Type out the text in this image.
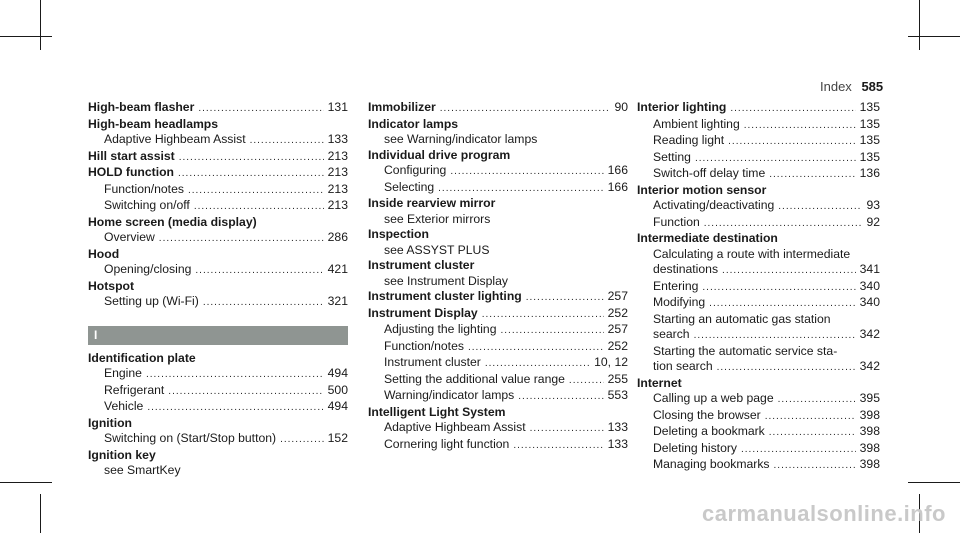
Index 585
High-beam flasher .....	131
High-beam headlamps
Adaptive Highbeam Assist .....	133
Hill start assist .....	213
HOLD function .....	213
Function/notes .....	213
Switching on/off .....	213
Home screen (media display)
Overview .....	286
Hood
Opening/closing .....	421
Hotspot
Setting up (Wi-Fi) .....	321
I
Identification plate
Engine .....	494
Refrigerant .....	500
Vehicle .....	494
Ignition
Switching on (Start/Stop button) .....	152
Ignition key
see SmartKey
Immobilizer .....	90
Indicator lamps
see Warning/indicator lamps
Individual drive program
Configuring .....	166
Selecting .....	166
Inside rearview mirror
see Exterior mirrors
Inspection
see ASSYST PLUS
Instrument cluster
see Instrument Display
Instrument cluster lighting .....	257
Instrument Display .....	252
Adjusting the lighting .....	257
Function/notes .....	252
Instrument cluster .....	10, 12
Setting the additional value range .....	255
Warning/indicator lamps .....	553
Intelligent Light System
Adaptive Highbeam Assist .....	133
Cornering light function .....	133
Interior lighting .....	135
Ambient lighting .....	135
Reading light .....	135
Setting .....	135
Switch-off delay time .....	136
Interior motion sensor
Activating/deactivating .....	93
Function .....	92
Intermediate destination
Calculating a route with intermediate
destinations .....	341
Entering .....	340
Modifying .....	340
Starting an automatic gas station
search .....	342
Starting the automatic service sta-
tion search .....	342
Internet
Calling up a web page .....	395
Closing the browser .....	398
Deleting a bookmark .....	398
Deleting history .....	398
Managing bookmarks .....	398
carmanualsonline.info
